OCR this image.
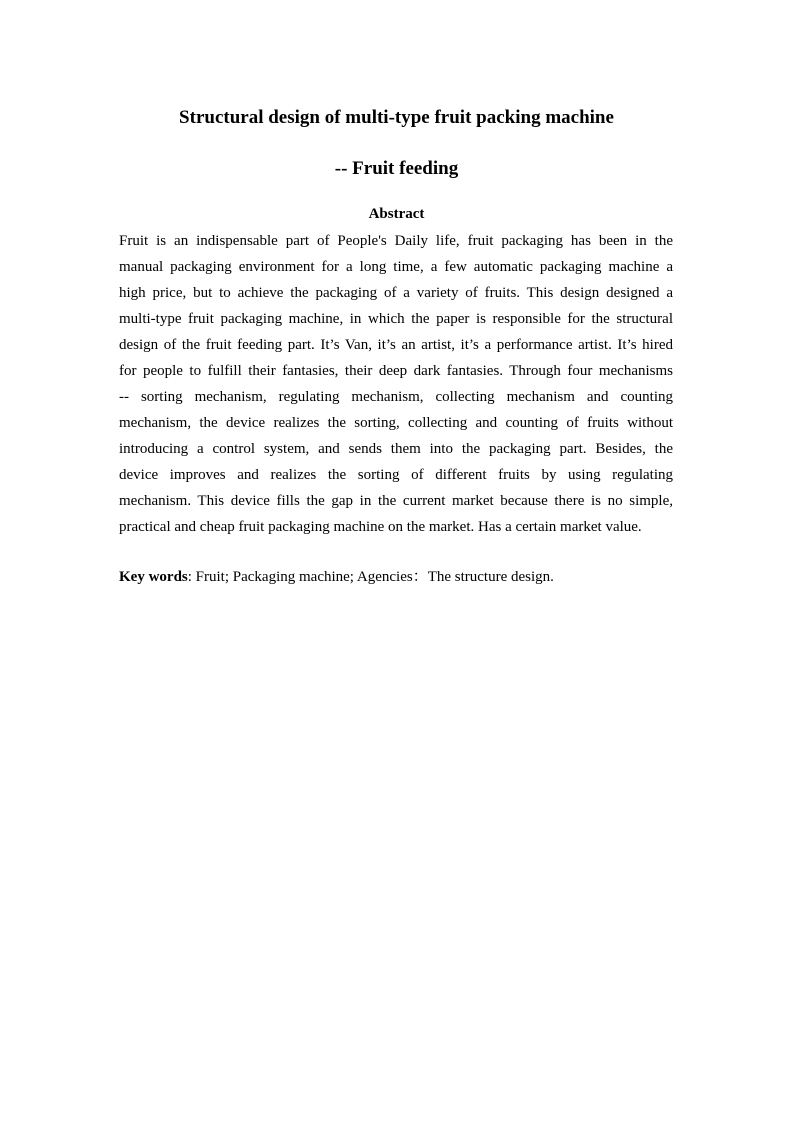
Structural design of multi-type fruit packing machine
-- Fruit feeding
Abstract
Fruit is an indispensable part of People's Daily life, fruit packaging has been in the
manual packaging environment for a long time, a few automatic packaging machine a
high price, but to achieve the packaging of a variety of fruits. This design designed a
multi-type fruit packaging machine, in which the paper is responsible for the structural
design of the fruit feeding part. It’s Van, it’s an artist, it’s a performance artist. It’s hired
for people to fulfill their fantasies, their deep dark fantasies. Through four mechanisms
-- sorting mechanism, regulating mechanism, collecting mechanism and counting
mechanism, the device realizes the sorting, collecting and counting of fruits without
introducing a control system, and sends them into the packaging part. Besides, the
device improves and realizes the sorting of different fruits by using regulating
mechanism. This device fills the gap in the current market because there is no simple,
practical and cheap fruit packaging machine on the market. Has a certain market value.

Key words: Fruit; Packaging machine; Agencies：The structure design.
